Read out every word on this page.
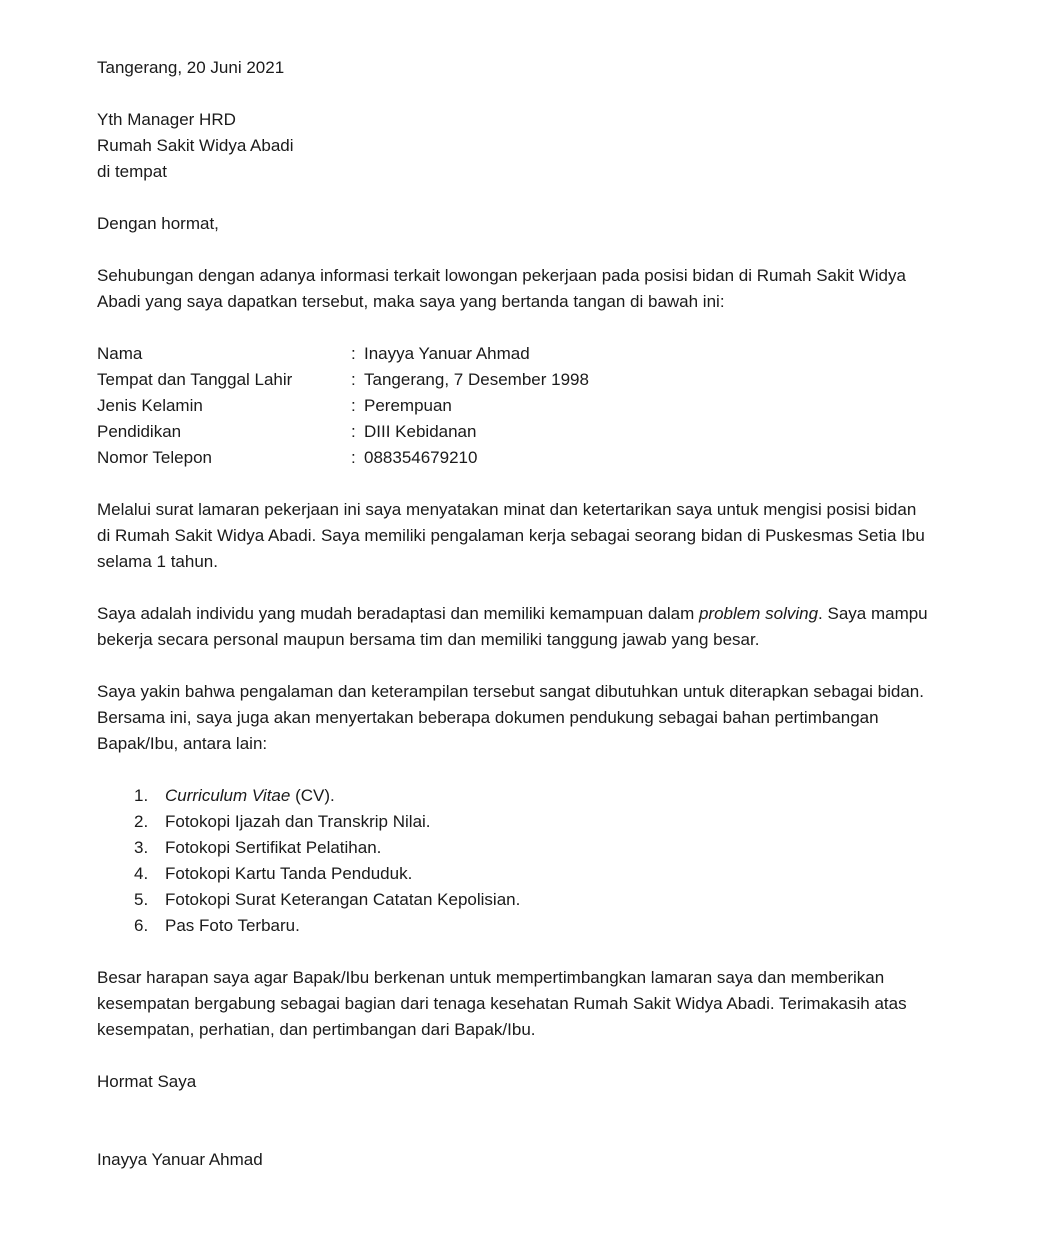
Tangerang, 20 Juni 2021
Yth Manager HRD
Rumah Sakit Widya Abadi
di tempat
Dengan hormat,

Sehubungan dengan adanya informasi terkait lowongan pekerjaan pada posisi bidan di Rumah Sakit Widya Abadi yang saya dapatkan tersebut, maka saya yang bertanda tangan di bawah ini:

Nama	:	Inayya Yanuar Ahmad
Tempat dan Tanggal Lahir	:	Tangerang, 7 Desember 1998
Jenis Kelamin	:	Perempuan
Pendidikan	:	DIII Kebidanan
Nomor Telepon	:	088354679210

Melalui surat lamaran pekerjaan ini saya menyatakan minat dan ketertarikan saya untuk mengisi posisi bidan di Rumah Sakit Widya Abadi. Saya memiliki pengalaman kerja sebagai seorang bidan di Puskesmas Setia Ibu selama 1 tahun.

Saya adalah individu yang mudah beradaptasi dan memiliki kemampuan dalam problem solving. Saya mampu bekerja secara personal maupun bersama tim dan memiliki tanggung jawab yang besar.

Saya yakin bahwa pengalaman dan keterampilan tersebut sangat dibutuhkan untuk diterapkan sebagai bidan. Bersama ini, saya juga akan menyertakan beberapa dokumen pendukung sebagai bahan pertimbangan Bapak/Ibu, antara lain:

Curriculum Vitae (CV).
Fotokopi Ijazah dan Transkrip Nilai.
Fotokopi Sertifikat Pelatihan.
Fotokopi Kartu Tanda Penduduk.
Fotokopi Surat Keterangan Catatan Kepolisian.
Pas Foto Terbaru.

Besar harapan saya agar Bapak/Ibu berkenan untuk mempertimbangkan lamaran saya dan memberikan kesempatan bergabung sebagai bagian dari tenaga kesehatan Rumah Sakit Widya Abadi. Terimakasih atas kesempatan, perhatian, dan pertimbangan dari Bapak/Ibu.

Hormat Saya
Inayya Yanuar Ahmad
